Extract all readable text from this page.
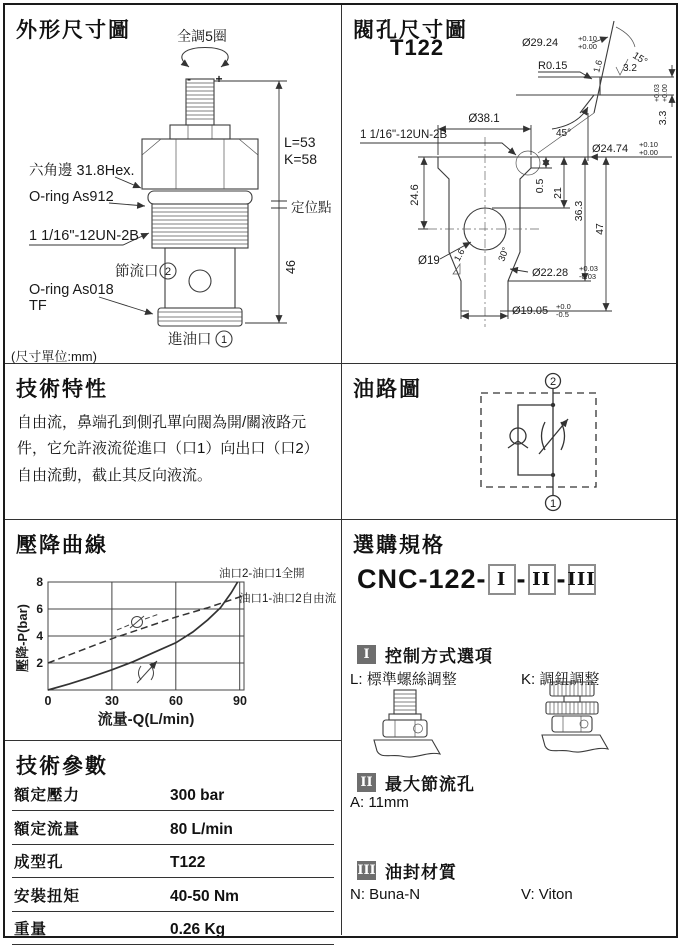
外形尺寸圖
- +
全調5圈
六角邊 31.8Hex.
O-ring As912
1 1/16"-12UN-2B
節流口 2
O-ring As018
TF
L=53
K=58
定位點
46
進油口 1
(尺寸單位:mm)
閥孔尺寸圖
T122
Ø38.1
1 1/16"-12UN-2B
24.6	0.5 21
36.3
47
Ø19 1.6	30°
Ø22.28 +0.03
-0.03
Ø19.05 +0.0
-0.5
Ø29.24	+0.10
+0.00
R0.15	15°
1.6 3.2
3.3
+0.03 +0.00
45°
Ø24.74 +0.10
+0.00
技術特性
自由流，鼻端孔到側孔單向閥為開/關液路元件，它允許液流從進口（口1）向出口（口2）自由流動，截止其反向液流。
油路圖	2
1
壓降曲線
8
6
4
2
0	30	60	90
流量-Q(L/min)
壓降-P(bar)
油口2-油口1全開
油口1-油口2自由流
選購規格
CNC-122- I - II - III
I 控制方式選項
L: 標準螺絲調整	K: 調鈕調整
II 最大節流孔
A: 11mm
III 油封材質
N: Buna-N	V: Viton
技術參數
額定壓力	300 bar
額定流量	80 L/min
成型孔	T122
安裝扭矩	40-50 Nm
重量	0.26 Kg
